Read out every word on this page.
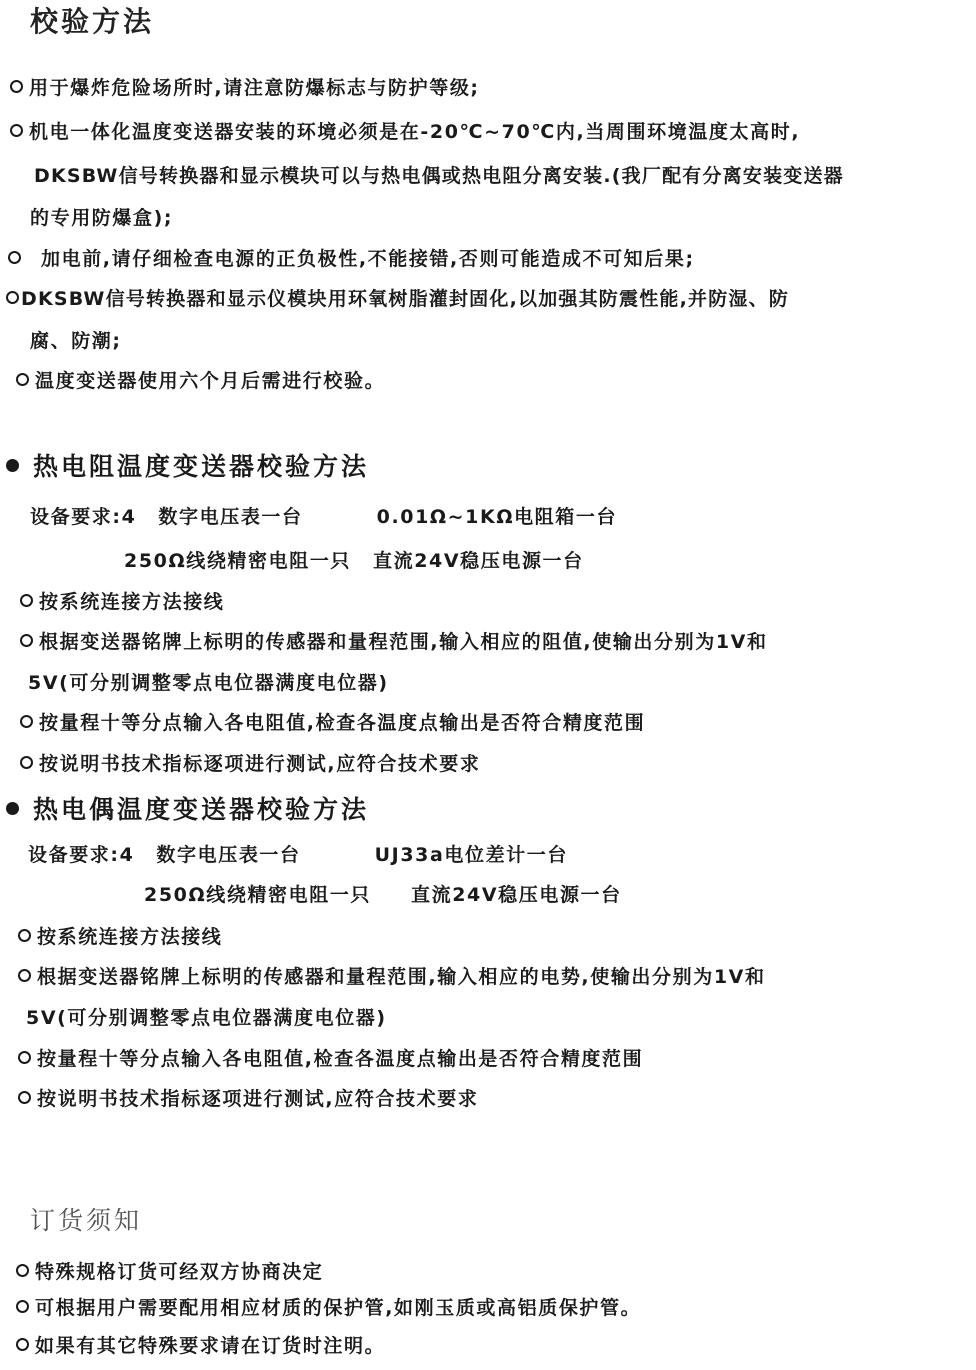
校验方法
用于爆炸危险场所时,请注意防爆标志与防护等级;
机电一体化温度变送器安装的环境必须是在-20℃~70℃内,当周围环境温度太高时,
DKSBW信号转换器和显示模块可以与热电偶或热电阻分离安装.(我厂配有分离安装变送器
的专用防爆盒);
加电前,请仔细检查电源的正负极性,不能接错,否则可能造成不可知后果;
DKSBW信号转换器和显示仪模块用环氧树脂灌封固化,以加强其防震性能,并防湿、防
腐、防潮;
温度变送器使用六个月后需进行校验。
热电阻温度变送器校验方法
设备要求:4 数字电压表一台	0.01Ω~1KΩ电阻箱一台
250Ω线绕精密电阻一只 直流24V稳压电源一台
按系统连接方法接线
根据变送器铭牌上标明的传感器和量程范围,输入相应的阻值,使输出分别为1V和
5V(可分别调整零点电位器满度电位器)
按量程十等分点输入各电阻值,检查各温度点输出是否符合精度范围
按说明书技术指标逐项进行测试,应符合技术要求
热电偶温度变送器校验方法
设备要求:4 数字电压表一台	UJ33a电位差计一台
250Ω线绕精密电阻一只 直流24V稳压电源一台
按系统连接方法接线
根据变送器铭牌上标明的传感器和量程范围,输入相应的电势,使输出分别为1V和
5V(可分别调整零点电位器满度电位器)
按量程十等分点输入各电阻值,检查各温度点输出是否符合精度范围
按说明书技术指标逐项进行测试,应符合技术要求
订货须知
特殊规格订货可经双方协商决定
可根据用户需要配用相应材质的保护管,如刚玉质或高铝质保护管。
如果有其它特殊要求请在订货时注明。
